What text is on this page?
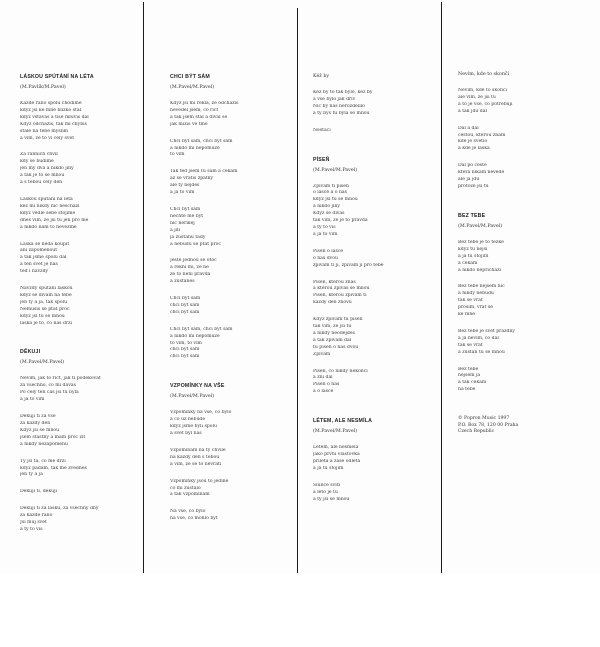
LÁSKOU SPÚTÁNÍ NA LÉTA
(M.Pavlík/M.Pavel)
Každé ráno spolu chodíme
když jsi ke mně blízko stál
když vstáváš a tiše mluvíš dál
Když odcházíš, tak mi chybíš
stále na tebe myslím
a vím, že to ví celý svět
Za ranních chvil
kdy se budíme
jen my dva a nikdo jiný
a tak je to se mnou
a s tebou celý den
Láskou spútáni na léta
kéž mi nikdy nic neschází
když vedle sebe stojíme
dnes vím, že jsi tu jen pro mě
a nikdo nám to nevezme
Láska se nedá koupit
ani zapomenout
a tak jsme spolu dál
a ten svět je náš
teď i navždy
Navždy spútání láskou
když se dívám na tebe
jen ty a já, tak spolu
Nemusíš se ptát proč
když jsi tu se mnou
láska je to, co nás drží
DĚKUJI
(M.Pavel/M.Pavel)
Nevím, jak to říct, jak ti poděkovat
za všechno, co mi dáváš
Po celý ten čas jsi tu byla
a já to vím
Děkuji ti za vše
za každý den
Když jsi se mnou
jsem šťastný a mám proč žít
a nikdy nezapomenu
Ty jsi ta, co mě drží
když padám, tak mě zvedneš
jen ty a já
Děkuji ti, děkuji
Děkuji ti za lásku, za všechny dny
za každé ráno
Jsi můj svět
a ty to víš
CHCI BÝT SÁM
(M.Pavel/M.Pavel)
Když jsi mi řekla, že odcházíš
nevěděl jsem, co říct
a tak jsem stál a díval se
jak mizíš ve tmě
Chci být sám, chci být sám
a nikdo mi nepomůže
to vím
Tak teď jsem tu sám a čekám
až se vrátíš zpátky
ale ty nejdeš
a já to vím
Chci být sám
nechte mě být
nic neříkej
a jdi
já zůstanu tady
a nebudu se ptát proč
Ještě jednou se otoč
a řekni mi, že ne
že to není pravda
a zůstaneš
Chci být sám
chci být sám
chci být sám
Chci být sám, chci být sám
a nikdo mi nepomůže
to vím, to vím
chci být sám
chci být sám
VZPOMÍNKY NA VŠE
(M.Pavel/M.Pavel)
Vzpomínky na vše, co bylo
a co už nebude
když jsme byli spolu
a svět byl náš
Vzpomínám na ty chvíle
na každý den s tebou
a vím, že se to nevrátí
Vzpomínky jsou to jediné
co mi zůstalo
a tak vzpomínám
Na vše, co bylo
na vše, co mohlo být
Kéž by
Kéž by to tak bylo, kéž by
a vše bylo jak dřív
Nic by nás nerozdělilo
a ty bys tu byla se mnou
Nestačí
PÍSEŇ
(M.Pavel/M.Pavel)
Zpívám ti píseň
o lásce a o nás
když jsi tu se mnou
a nikdo jiný
Když se díváš
tak vím, že je to pravda
a ty to víš
a já to vím
Píseň o lásce
o nás dvou
zpívám ti ji, zpívám ji pro tebe
Píseň, kterou znáš
a kterou zpíváš se mnou
Píseň, kterou zpívám ti
každý den znovu
Když zpívám tu píseň
tak vím, že jsi tu
a nikdy neodejdeš
a tak zpívám dál
tu píseň o nás dvou
Zpívám
Píseň, co nikdy nekončí
a zní dál
Píseň o nás
a o lásce
LÉTEM, ALE NESMÍLA
(M.Pavel/M.Pavel)
Letem, ale nesmělá
jako první vlaštovka
přilétá a zase odlétá
a já tu stojím
Slunce svítí
a léto je tu
a ty jsi se mnou
Nevím, kde to skončí
Nevím, kde to skončí
ale vím, že jsi tu
a to je vše, co potřebuji
a tak jdu dál
Dál a dál
cestou, kterou znám
kde je světlo
a kde je láska
Dál po cestě
která nikam nevede
ale já jdu
protože jsi tu
BEZ TEBE
(M.Pavel/M.Pavel)
Bez tebe je to těžké
když tu nejsi
a já tu stojím
a čekám
a nikdo nepřichází
Bez tebe nejsem nic
a nikdy nebudu
tak se vrať
prosím, vrať se
ke mně
Bez tebe je svět prázdný
a já nevím, co dál
tak se vrať
a zůstaň tu se mnou
Bez tebe
nejsem já
a tak čekám
na tebe
© Popron Music 1997
P.O. Box 78, 120 00 Praha
Czech Republic
